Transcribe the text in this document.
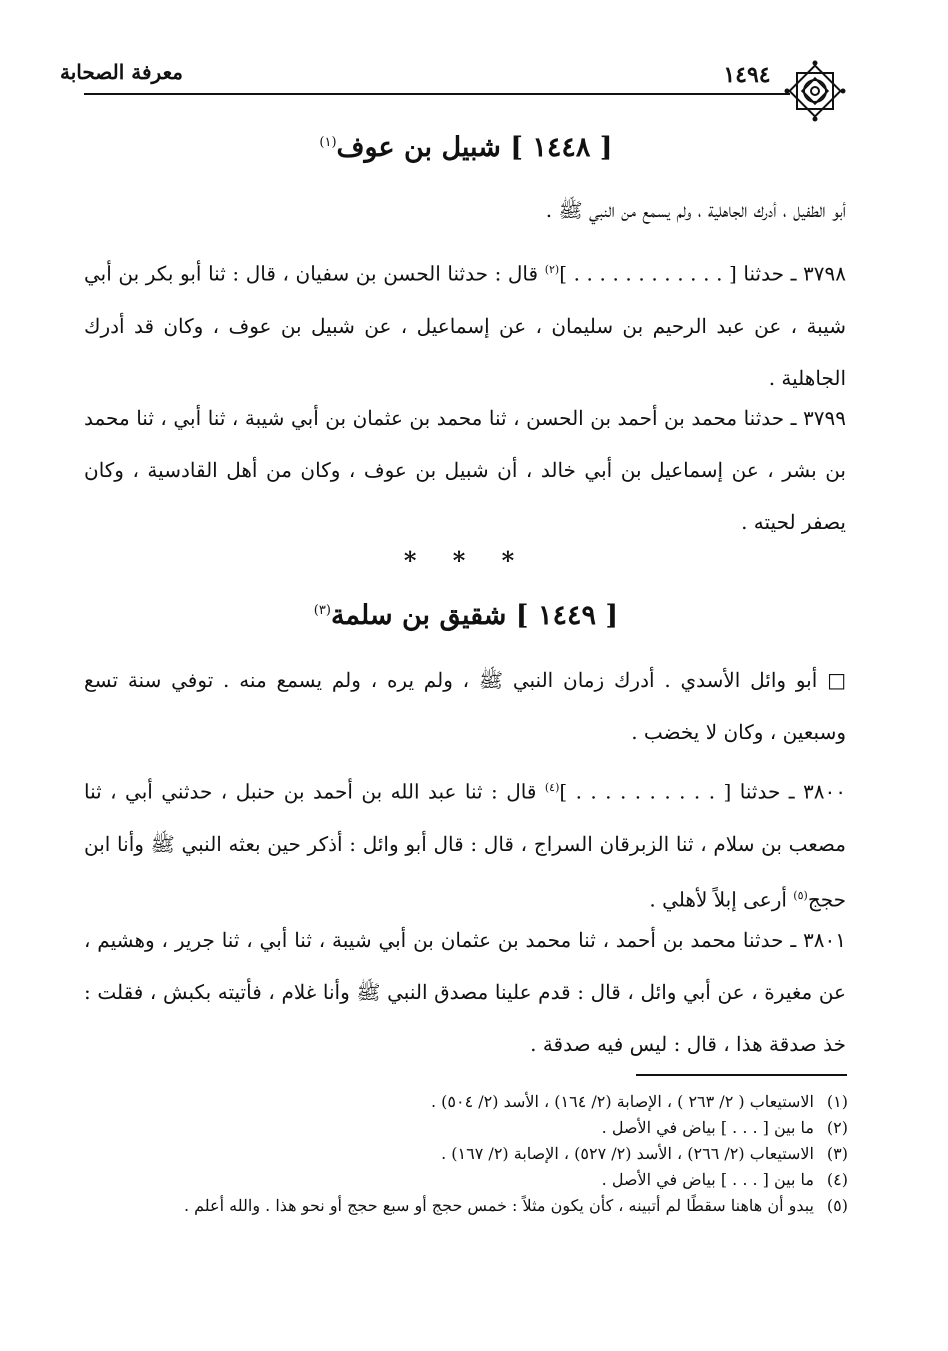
١٤٩٤
معرفة الصحابة
[ ١٤٤٨ ] شبيل بن عوف$^{(١)}$

أبو الطفيل ، أدرك الجاهلية ، ولم يسمع من النبي ﷺ .

٣٧٩٨ ـ حدثنا [ . . . . . . . . . . . . ]$^{(٢)}$ قال : حدثنا الحسن بن سفيان ، قال : ثنا أبو بكر بن أبي شيبة ، عن عبد الرحيم بن سليمان ، عن إسماعيل ، عن شبيل بن عوف ، وكان قد أدرك الجاهلية .

٣٧٩٩ ـ حدثنا محمد بن أحمد بن الحسن ، ثنا محمد بن عثمان بن أبي شيبة ، ثنا أبي ، ثنا محمد بن بشر ، عن إسماعيل بن أبي خالد ، أن شبيل بن عوف ، وكان من أهل القادسية ، وكان يصفر لحيته .

* * *
[ ١٤٤٩ ] شقيق بن سلمة$^{(٣)}$

□ أبو وائل الأسدي . أدرك زمان النبي ﷺ ، ولم يره ، ولم يسمع منه . توفي سنة تسع وسبعين ، وكان لا يخضب .

٣٨٠٠ ـ حدثنا [ . . . . . . . . . . ]$^{(٤)}$ قال : ثنا عبد الله بن أحمد بن حنبل ، حدثني أبي ، ثنا مصعب بن سلام ، ثنا الزبرقان السراج ، قال : قال أبو وائل : أذكر حين بعثه النبي ﷺ وأنا ابن حجج$^{(٥)}$ أرعى إبلاً لأهلي .

٣٨٠١ ـ حدثنا محمد بن أحمد ، ثنا محمد بن عثمان بن أبي شيبة ، ثنا أبي ، ثنا جرير ، وهشيم ، عن مغيرة ، عن أبي وائل ، قال : قدم علينا مصدق النبي ﷺ وأنا غلام ، فأتيته بكبش ، فقلت : خذ صدقة هذا ، قال : ليس فيه صدقة .

(١)
الاستيعاب ( ٢/ ٢٦٣ ) ، الإصابة (٢/ ١٦٤) ، الأسد (٢/ ٥٠٤) .
(٢)
ما بين [ . . . ] بياض في الأصل .
(٣)
الاستيعاب (٢/ ٢٦٦) ، الأسد (٢/ ٥٢٧) ، الإصابة (٢/ ١٦٧) .
(٤)
ما بين [ . . . ] بياض في الأصل .
(٥)
يبدو أن هاهنا سقطًا لم أتبينه ، كأن يكون مثلاً : خمس حجج أو سبع حجج أو نحو هذا . والله أعلم .
